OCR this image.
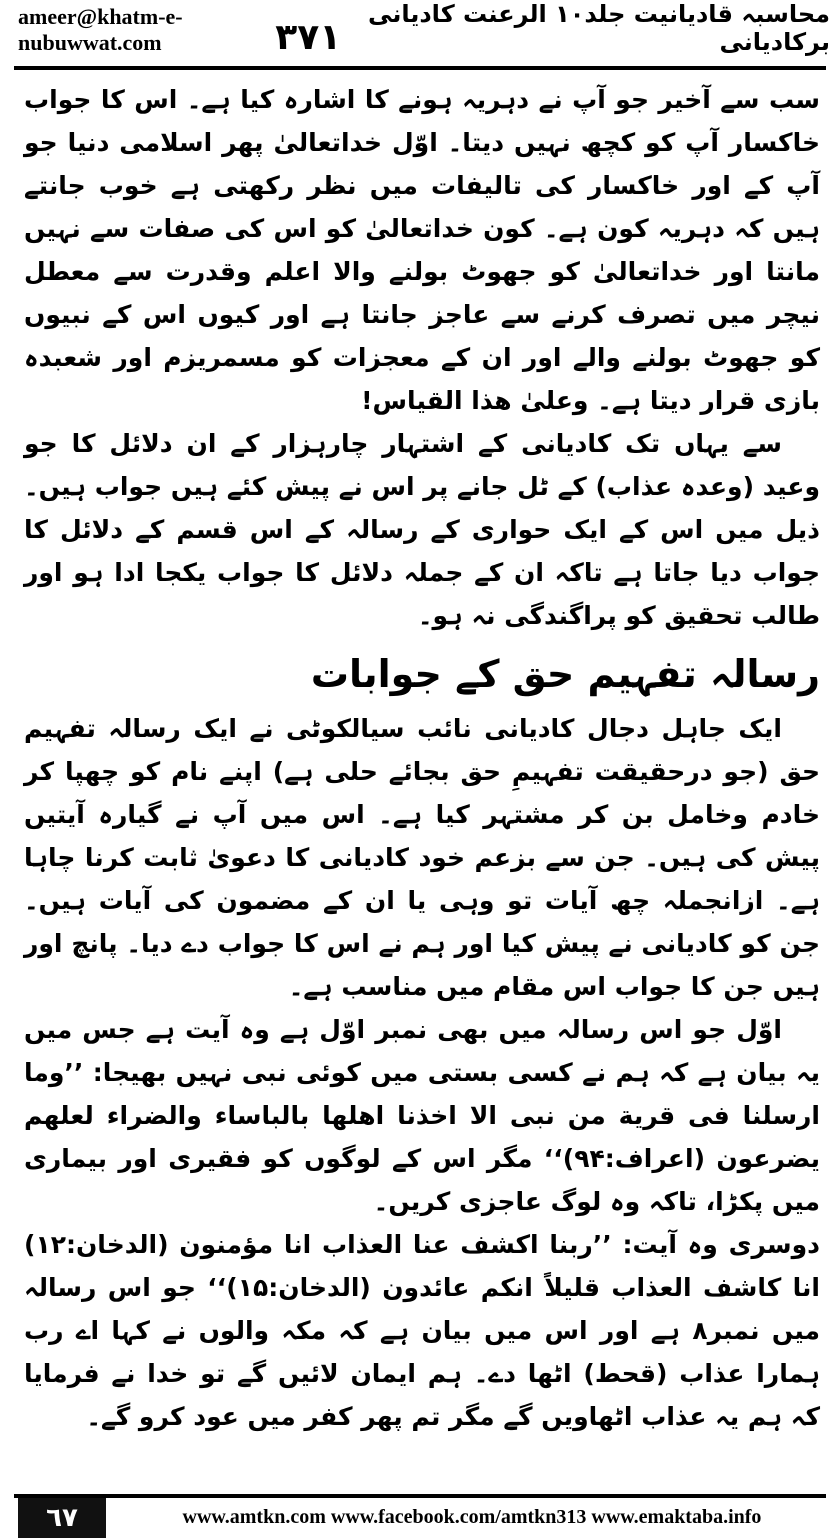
ameer@khatm-e-nubuwwat.com	۳۷۱
محاسبہ قادیانیت جلد۱۰ الرعنت کادیانی برکادیانی

سب سے آخیر جو آپ نے دہریہ ہونے کا اشارہ کیا ہے۔ اس کا جواب خاکسار آپ کو کچھ نہیں دیتا۔ اوّل خداتعالیٰ پھر اسلامی دنیا جو آپ کے اور خاکسار کی تالیفات میں نظر رکھتی ہے خوب جانتے ہیں کہ دہریہ کون ہے۔ کون خداتعالیٰ کو اس کی صفات سے نہیں مانتا اور خداتعالیٰ کو جھوٹ بولنے والا اعلم وقدرت سے معطل نیچر میں تصرف کرنے سے عاجز جانتا ہے اور کیوں اس کے نبیوں کو جھوٹ بولنے والے اور ان کے معجزات کو مسمریزم اور شعبدہ بازی قرار دیتا ہے۔ وعلیٰ هذا القياس!

سے یہاں تک کادیانی کے اشتہار چارہزار کے ان دلائل کا جو وعید (وعدہ عذاب) کے ٹل جانے پر اس نے پیش کئے ہیں جواب ہیں۔ ذیل میں اس کے ایک حواری کے رسالہ کے اس قسم کے دلائل کا جواب دیا جاتا ہے تاکہ ان کے جملہ دلائل کا جواب یکجا ادا ہو اور طالب تحقیق کو پراگندگی نہ ہو۔

رسالہ تفہیم حق کے جوابات

ایک جاہل دجال کادیانی نائب سیالکوٹی نے ایک رسالہ تفہیم حق (جو درحقیقت تفہیمِ حق بجائے حلی ہے) اپنے نام کو چھپا کر خادم وخامل بن کر مشتہر کیا ہے۔ اس میں آپ نے گیارہ آیتیں پیش کی ہیں۔ جن سے بزعم خود کادیانی کا دعویٰ ثابت کرنا چاہا ہے۔ ازانجملہ چھ آیات تو وہی یا ان کے مضمون کی آیات ہیں۔ جن کو کادیانی نے پیش کیا اور ہم نے اس کا جواب دے دیا۔ پانچ اور ہیں جن کا جواب اس مقام میں مناسب ہے۔

اوّل جو اس رسالہ میں بھی نمبر اوّل ہے وہ آیت ہے جس میں یہ بیان ہے کہ ہم نے کسی بستی میں کوئی نبی نہیں بھیجا: ’’وما ارسلنا فى قرية من نبى الا اخذنا اهلها بالباساء والضراء لعلهم يضرعون (اعراف:۹۴)‘‘ مگر اس کے لوگوں کو فقیری اور بیماری میں پکڑا، تاکہ وہ لوگ عاجزی کریں۔

دوسری وہ آیت: ’’ربنا اکشف عنا العذاب انا مؤمنون (الدخان:۱۲) انا کاشف العذاب قليلاً انكم عائدون (الدخان:۱۵)‘‘ جو اس رسالہ میں نمبر۸ ہے اور اس میں بیان ہے کہ مکہ والوں نے کہا اے رب ہمارا عذاب (قحط) اٹھا دے۔ ہم ایمان لائیں گے تو خدا نے فرمایا کہ ہم یہ عذاب اٹھاویں گے مگر تم پھر کفر میں عود کرو گے۔

٦٧	www.amtkn.com www.facebook.com/amtkn313 www.emaktaba.info
